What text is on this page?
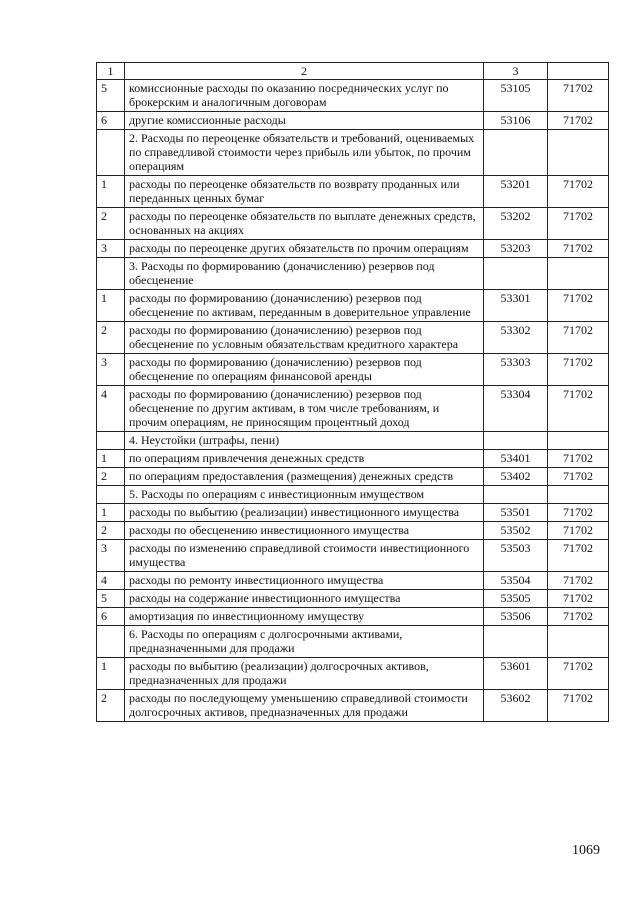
1	2	3	
5	комиссионные расходы по оказанию посреднических услуг по брокерским и аналогичным договорам	53105	71702
6	другие комиссионные расходы	53106	71702
	2. Расходы по переоценке обязательств и требований, оцениваемых по справедливой стоимости через прибыль или убыток, по прочим операциям		
1	расходы по переоценке обязательств по возврату проданных или переданных ценных бумаг	53201	71702
2	расходы по переоценке обязательств по выплате денежных средств, основанных на акциях	53202	71702
3	расходы по переоценке других обязательств по прочим операциям	53203	71702
	3. Расходы по формированию (доначислению) резервов под обесценение		
1	расходы по формированию (доначислению) резервов под обесценение по активам, переданным в доверительное управление	53301	71702
2	расходы по формированию (доначислению) резервов под обесценение по условным обязательствам кредитного характера	53302	71702
3	расходы по формированию (доначислению) резервов под обесценение по операциям финансовой аренды	53303	71702
4	расходы по формированию (доначислению) резервов под обесценение по другим активам, в том числе требованиям, и прочим операциям, не приносящим процентный доход	53304	71702
	4. Неустойки (штрафы, пени)		
1	по операциям привлечения денежных средств	53401	71702
2	по операциям предоставления (размещения) денежных средств	53402	71702
	5. Расходы по операциям с инвестиционным имуществом		
1	расходы по выбытию (реализации) инвестиционного имущества	53501	71702
2	расходы по обесценению инвестиционного имущества	53502	71702
3	расходы по изменению справедливой стоимости инвестиционного имущества	53503	71702
4	расходы по ремонту инвестиционного имущества	53504	71702
5	расходы на содержание инвестиционного имущества	53505	71702
6	амортизация по инвестиционному имуществу	53506	71702
	6. Расходы по операциям с долгосрочными активами, предназначенными для продажи		
1	расходы по выбытию (реализации) долгосрочных активов, предназначенных для продажи	53601	71702
2	расходы по последующему уменьшению справедливой стоимости долгосрочных активов, предназначенных для продажи	53602	71702
1069
